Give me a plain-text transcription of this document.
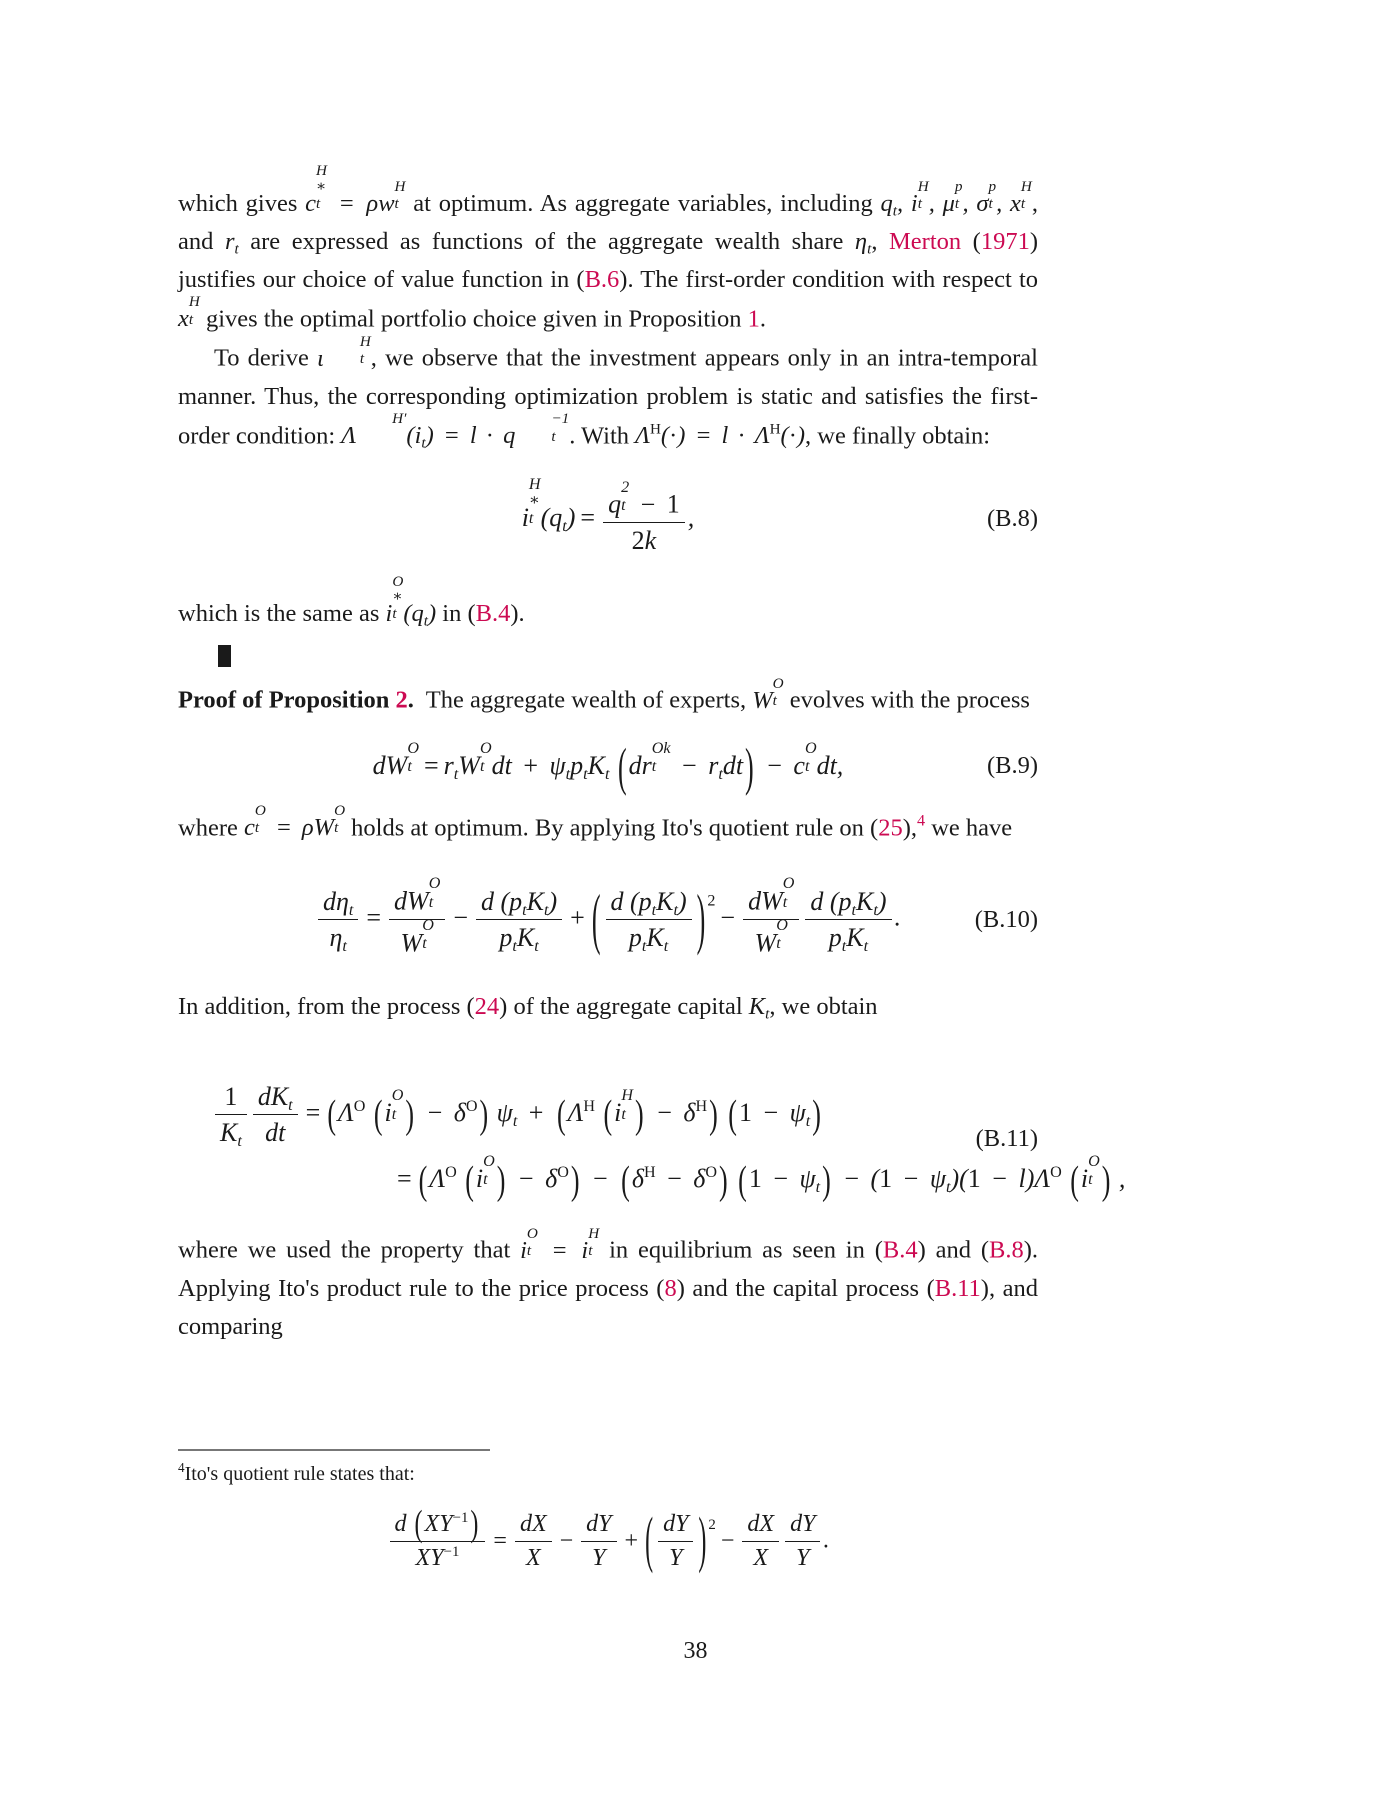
which gives c
H
∗
t = ρw
H
t at optimum. As aggregate variables, including $q_t$, i
H
t , μ
p
t , σ
p
t , x
H
t , and $r_t$ are expressed as functions of the aggregate wealth share $\eta_t$, Merton (1971) justifies our choice of value function in (B.6). The first-order condition with respect to x
H
t gives the optimal portfolio choice given in Proposition 1.

To derive ι
H
t , we observe that the investment appears only in an intra-temporal manner. Thus, the corresponding optimization problem is static and satisfies the first-order condition: Λ
H′

$(i_t) = l \cdot q$
−1
t . With $\Lambda^H(\cdot) = l \cdot \Lambda^H(\cdot)$, we finally obtain:

i
H
∗
t $(q_t) = q$
2
t − 1
2k ,	(B.8)

which is the same as i
O
∗
t $(q_t)$ in (B.4).

Proof of Proposition 2. The aggregate wealth of experts, W
O
t evolves with the process

dW
O
$t = r_tW$
O
t dt + $\psi_tp_tK_t$ (dr
Ok
$t - r_tdt) - c$
O
t dt,	(B.9)

where c
O
t = ρW
O
t holds at optimum. By applying Ito's quotient rule on (25),$^4$ we have

$\frac{d\eta_t}{\eta_t}$ = dW
O
t
W
O
$t - \frac{d (p_tK_t)}{p_tK_t}$ + ( $\frac{d (p_tK_t)}{p_tK_t}$ ) $^2$− dW
O
t
W
O
t $\frac{d (p_tK_t)}{p_tK_t}$ .	(B.10)

In addition, from the process (24) of the aggregate capital $K_t$, we obtain

$\frac{1}{K_t} \frac{dK_t}{dt} = (\Lambda^O$ (i
O
t ) − $\delta^O$) $\psi_t + (\Lambda^H$ (i
H
t ) − $\delta^H$) $(1 - \psi_t)$
= ($\Lambda^O$ (i
O
t ) − $\delta^O) - (\delta^H - \delta^O)$ $(1 - \psi_t) - (1 - \psi_t)(1 - l)\Lambda^O$ (i
O
t ) ,
(B.11)

where we used the property that i
O
t = i
H
t in equilibrium as seen in (B.4) and (B.8). Applying Ito's product rule to the price process (8) and the capital process (B.11), and comparing

$^4$Ito's quotient rule states that:
$\frac{d (XY^{-1})}{XY^{-1}} = \frac{dX}{X} - \frac{dY}{Y}$ + ( $\frac{dY}{Y}$ ) $^2- \frac{dX}{X} \frac{dY}{Y}$ .
38
